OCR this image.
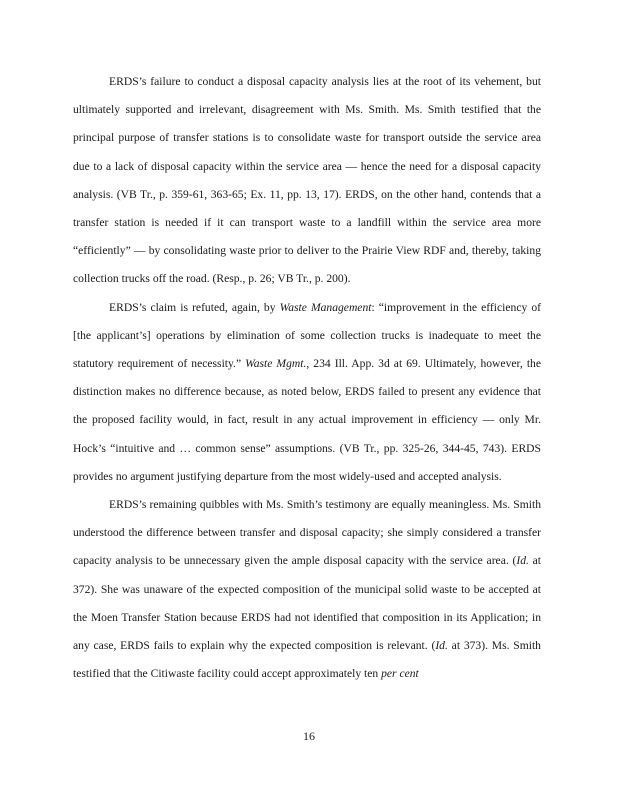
ERDS’s failure to conduct a disposal capacity analysis lies at the root of its vehement, but ultimately supported and irrelevant, disagreement with Ms. Smith. Ms. Smith testified that the principal purpose of transfer stations is to consolidate waste for transport outside the service area due to a lack of disposal capacity within the service area — hence the need for a disposal capacity analysis. (VB Tr., p. 359-61, 363-65; Ex. 11, pp. 13, 17). ERDS, on the other hand, contends that a transfer station is needed if it can transport waste to a landfill within the service area more “efficiently” — by consolidating waste prior to deliver to the Prairie View RDF and, thereby, taking collection trucks off the road. (Resp., p. 26; VB Tr., p. 200).

ERDS’s claim is refuted, again, by Waste Management: “improvement in the efficiency of [the applicant’s] operations by elimination of some collection trucks is inadequate to meet the statutory requirement of necessity.” Waste Mgmt., 234 Ill. App. 3d at 69. Ultimately, however, the distinction makes no difference because, as noted below, ERDS failed to present any evidence that the proposed facility would, in fact, result in any actual improvement in efficiency — only Mr. Hock’s “intuitive and … common sense” assumptions. (VB Tr., pp. 325-26, 344-45, 743). ERDS provides no argument justifying departure from the most widely-used and accepted analysis.

ERDS’s remaining quibbles with Ms. Smith’s testimony are equally meaningless. Ms. Smith understood the difference between transfer and disposal capacity; she simply considered a transfer capacity analysis to be unnecessary given the ample disposal capacity with the service area. (Id. at 372). She was unaware of the expected composition of the municipal solid waste to be accepted at the Moen Transfer Station because ERDS had not identified that composition in its Application; in any case, ERDS fails to explain why the expected composition is relevant. (Id. at 373). Ms. Smith testified that the Citiwaste facility could accept approximately ten per cent

16
